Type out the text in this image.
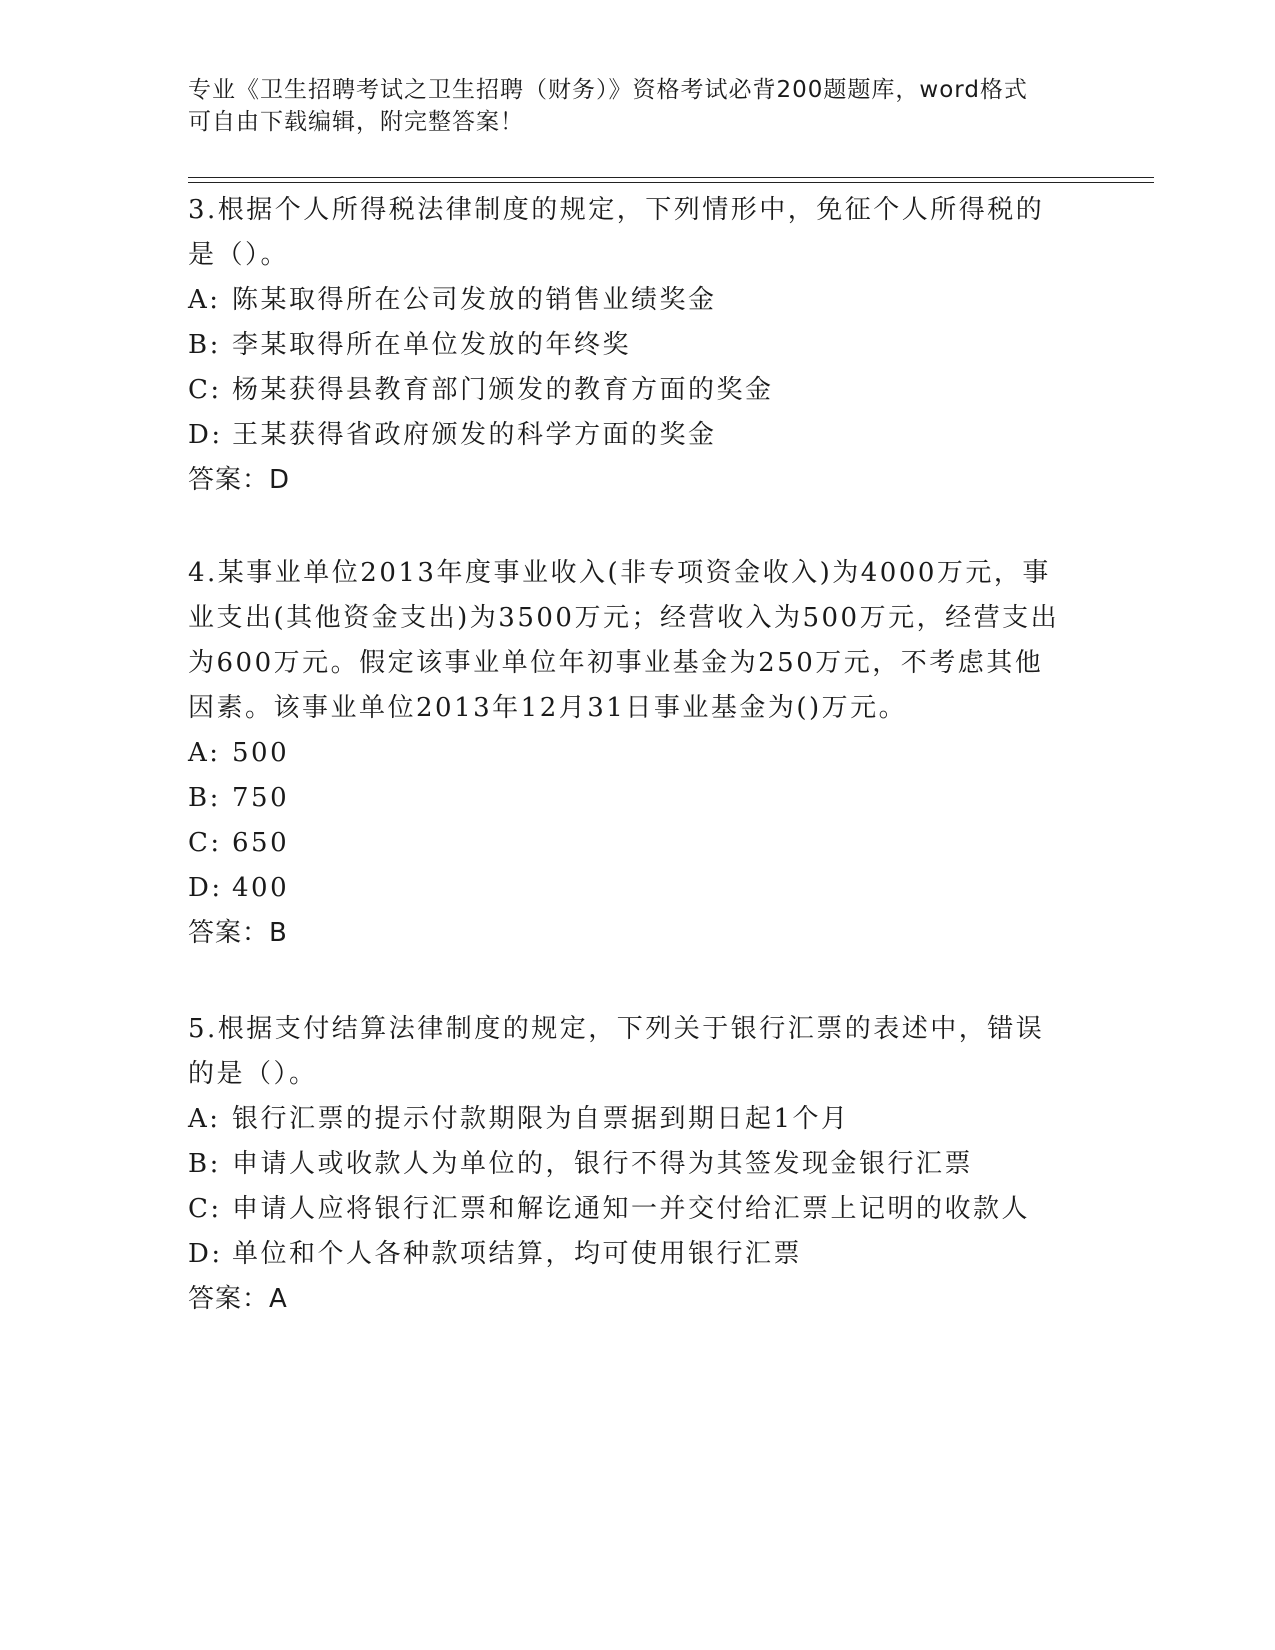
专业《卫生招聘考试之卫生招聘（财务）》资格考试必背200题题库，word格式
可自由下载编辑，附完整答案！

3.根据个人所得税法律制度的规定，下列情形中，免征个人所得税的
是（）。

A: 陈某取得所在公司发放的销售业绩奖金

B: 李某取得所在单位发放的年终奖

C: 杨某获得县教育部门颁发的教育方面的奖金

D: 王某获得省政府颁发的科学方面的奖金

答案：D

4.某事业单位2013年度事业收入(非专项资金收入)为4000万元，事
业支出(其他资金支出)为3500万元；经营收入为500万元，经营支出
为600万元。假定该事业单位年初事业基金为250万元，不考虑其他
因素。该事业单位2013年12月31日事业基金为()万元。

A: 500

B: 750

C: 650

D: 400

答案：B

5.根据支付结算法律制度的规定，下列关于银行汇票的表述中，错误
的是（）。

A: 银行汇票的提示付款期限为自票据到期日起1个月

B: 申请人或收款人为单位的，银行不得为其签发现金银行汇票

C: 申请人应将银行汇票和解讫通知一并交付给汇票上记明的收款人

D: 单位和个人各种款项结算，均可使用银行汇票

答案：A
